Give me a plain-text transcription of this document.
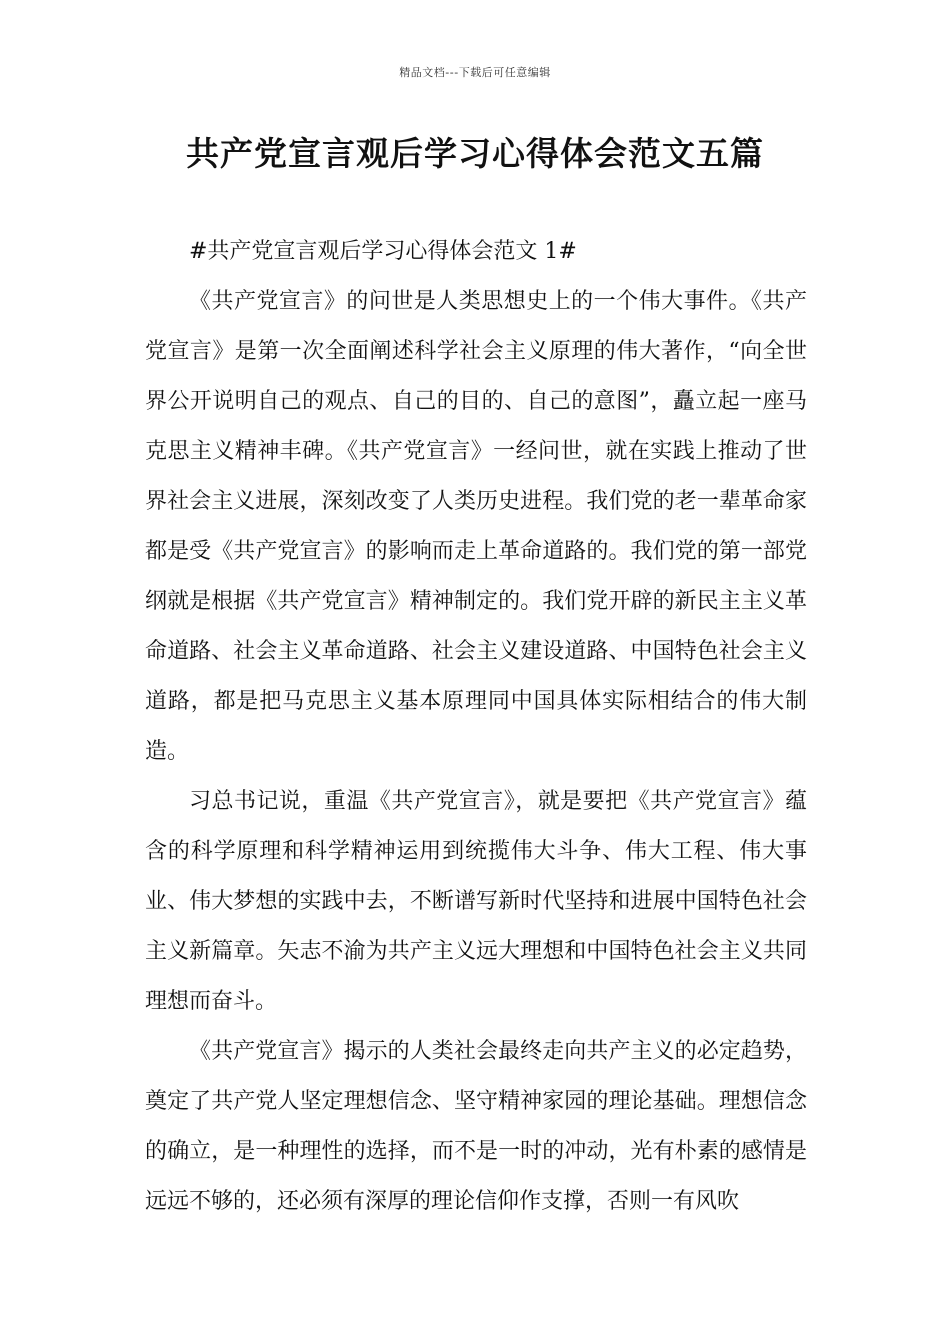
精品文档---下载后可任意编辑
共产党宣言观后学习心得体会范文五篇

#共产党宣言观后学习心得体会范文 1#

《共产党宣言》的问世是人类思想史上的一个伟大事件。《共产党宣言》是第一次全面阐述科学社会主义原理的伟大著作，“向全世界公开说明自己的观点、自己的目的、自己的意图”，矗立起一座马克思主义精神丰碑。《共产党宣言》一经问世，就在实践上推动了世界社会主义进展，深刻改变了人类历史进程。我们党的老一辈革命家都是受《共产党宣言》的影响而走上革命道路的。我们党的第一部党纲就是根据《共产党宣言》精神制定的。我们党开辟的新民主主义革命道路、社会主义革命道路、社会主义建设道路、中国特色社会主义道路，都是把马克思主义基本原理同中国具体实际相结合的伟大制造。

习总书记说，重温《共产党宣言》，就是要把《共产党宣言》蕴含的科学原理和科学精神运用到统揽伟大斗争、伟大工程、伟大事业、伟大梦想的实践中去，不断谱写新时代坚持和进展中国特色社会主义新篇章。矢志不渝为共产主义远大理想和中国特色社会主义共同理想而奋斗。

《共产党宣言》揭示的人类社会最终走向共产主义的必定趋势，奠定了共产党人坚定理想信念、坚守精神家园的理论基础。理想信念的确立，是一种理性的选择，而不是一时的冲动，光有朴素的感情是远远不够的，还必须有深厚的理论信仰作支撑，否则一有风吹
